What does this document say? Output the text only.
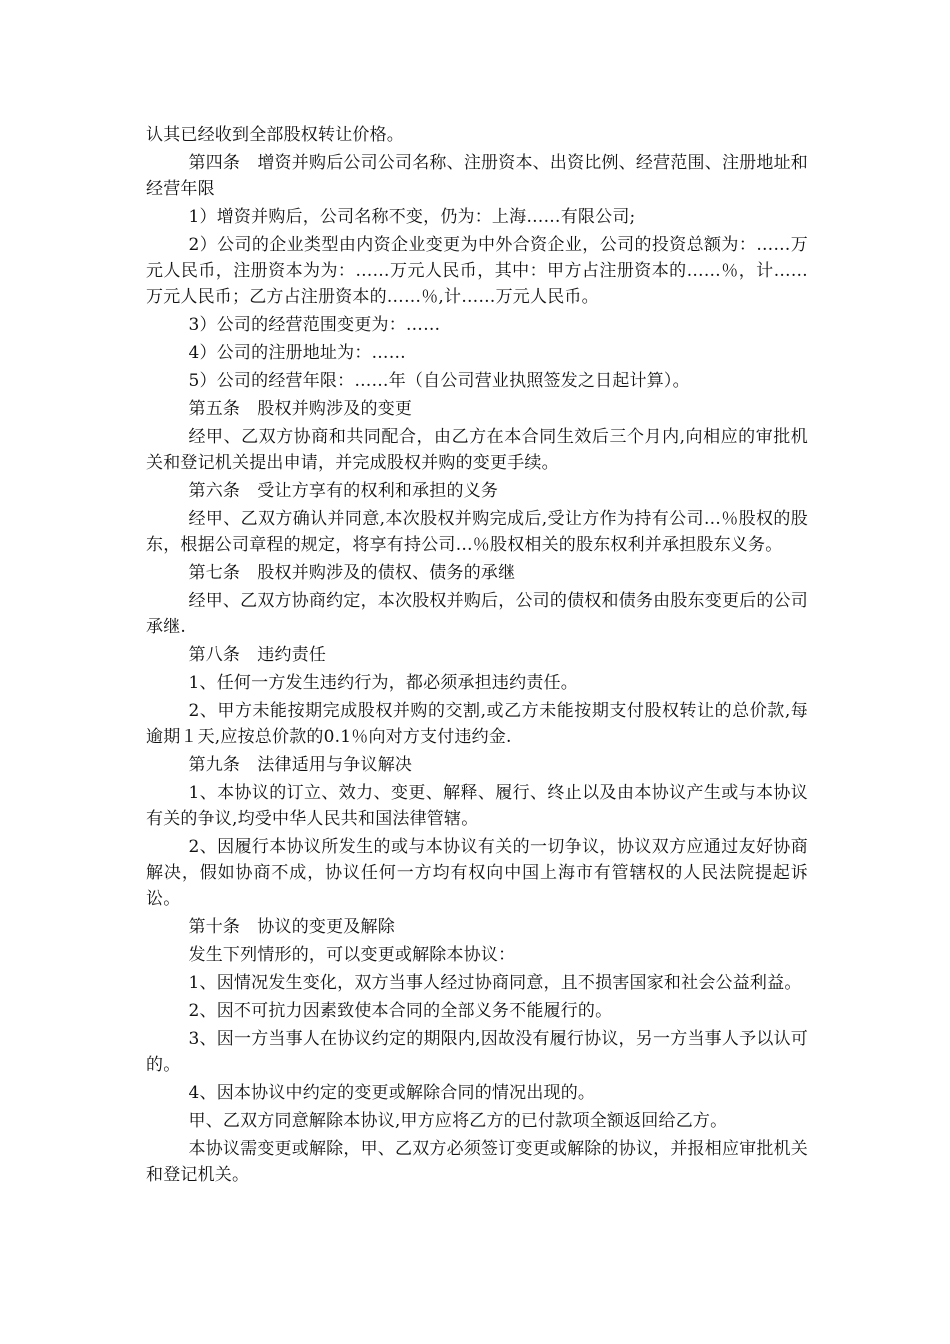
认其已经收到全部股权转让价格。

第四条　增资并购后公司公司名称、注册资本、出资比例、经营范围、注册地址和经营年限

1）增资并购后，公司名称不变，仍为：上海……有限公司;

2）公司的企业类型由内资企业变更为中外合资企业，公司的投资总额为：……万元人民币，注册资本为为：……万元人民币，其中：甲方占注册资本的……％，计……万元人民币；乙方占注册资本的……％,计……万元人民币。

3）公司的经营范围变更为：……

4）公司的注册地址为：……

5）公司的经营年限：……年（自公司营业执照签发之日起计算）。

第五条　股权并购涉及的变更

经甲、乙双方协商和共同配合，由乙方在本合同生效后三个月内,向相应的审批机关和登记机关提出申请，并完成股权并购的变更手续。

第六条　受让方享有的权利和承担的义务

经甲、乙双方确认并同意,本次股权并购完成后,受让方作为持有公司…％股权的股东，根据公司章程的规定，将享有持公司…％股权相关的股东权利并承担股东义务。

第七条　股权并购涉及的债权、债务的承继

经甲、乙双方协商约定，本次股权并购后，公司的债权和债务由股东变更后的公司承继.

第八条　违约责任

1、任何一方发生违约行为，都必须承担违约责任。

2、甲方未能按期完成股权并购的交割,或乙方未能按期支付股权转让的总价款,每逾期１天,应按总价款的0.1％向对方支付违约金.

第九条　法律适用与争议解决

1、本协议的订立、效力、变更、解释、履行、终止以及由本协议产生或与本协议有关的争议,均受中华人民共和国法律管辖。

2、因履行本协议所发生的或与本协议有关的一切争议，协议双方应通过友好协商解决，假如协商不成，协议任何一方均有权向中国上海市有管辖权的人民法院提起诉讼。

第十条　协议的变更及解除

发生下列情形的，可以变更或解除本协议：

1、因情况发生变化，双方当事人经过协商同意，且不损害国家和社会公益利益。

2、因不可抗力因素致使本合同的全部义务不能履行的。

3、因一方当事人在协议约定的期限内,因故没有履行协议，另一方当事人予以认可的。

4、因本协议中约定的变更或解除合同的情况出现的。

甲、乙双方同意解除本协议,甲方应将乙方的已付款项全额返回给乙方。

本协议需变更或解除，甲、乙双方必须签订变更或解除的协议，并报相应审批机关和登记机关。
